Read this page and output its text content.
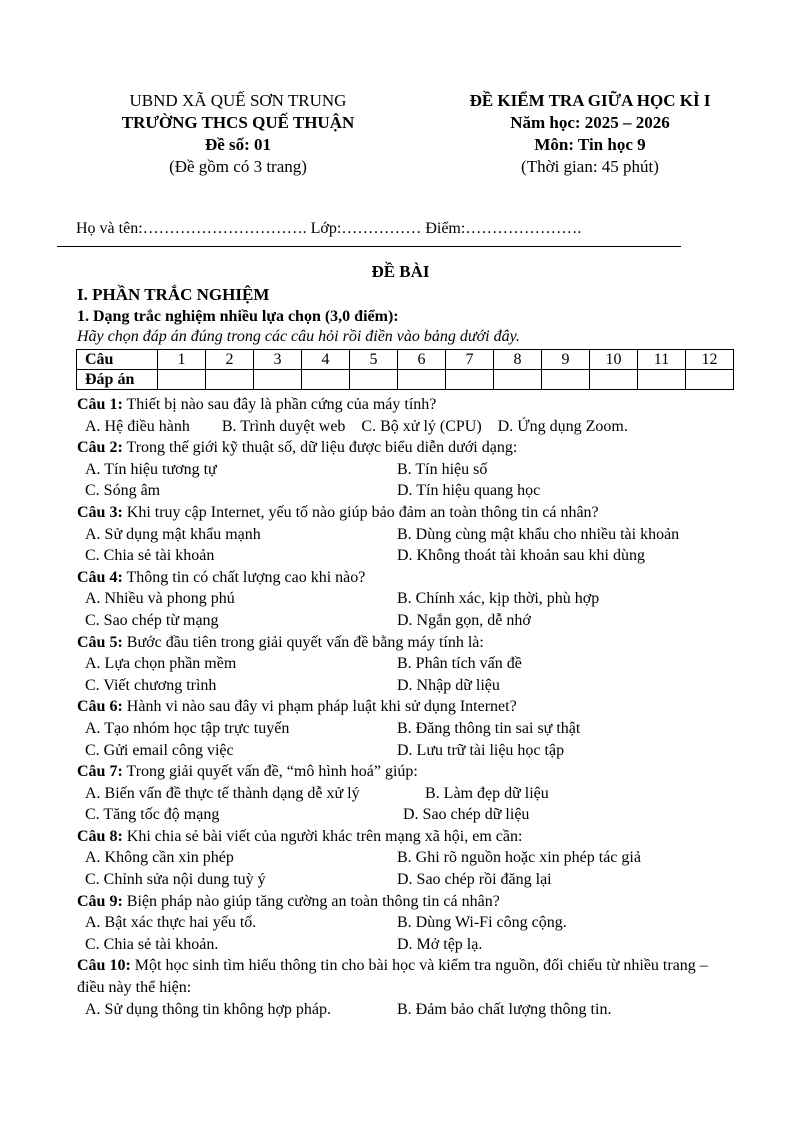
UBND XÃ QUẾ SƠN TRUNG
TRƯỜNG THCS QUẾ THUẬN
Đề số: 01
(Đề gồm có 3 trang)
ĐỀ KIỂM TRA GIỮA HỌC KÌ I
Năm học: 2025 – 2026
Môn: Tin học 9
(Thời gian: 45 phút)
Họ và tên:…………………………. Lớp:…………… Điểm:………………….
ĐỀ BÀI
I. PHẦN TRẮC NGHIỆM
1. Dạng trắc nghiệm nhiều lựa chọn (3,0 điểm):
Hãy chọn đáp án đúng trong các câu hỏi rồi điền vào bảng dưới đây.
Câu	1	2	3	4	5	6	7	8	9	10	11	12
Đáp án												
Câu 1: Thiết bị nào sau đây là phần cứng của máy tính?
A. Hệ điều hành        B. Trình duyệt web    C. Bộ xử lý (CPU)    D. Ứng dụng Zoom.
Câu 2: Trong thế giới kỹ thuật số, dữ liệu được biểu diễn dưới dạng:
A. Tín hiệu tương tự	B. Tín hiệu số
C. Sóng âm	D. Tín hiệu quang học
Câu 3: Khi truy cập Internet, yếu tố nào giúp bảo đảm an toàn thông tin cá nhân?
A. Sử dụng mật khẩu mạnh	B. Dùng cùng mật khẩu cho nhiều tài khoản
C. Chia sẻ tài khoản	D. Không thoát tài khoản sau khi dùng
Câu 4: Thông tin có chất lượng cao khi nào?
A. Nhiều và phong phú	B. Chính xác, kịp thời, phù hợp
C. Sao chép từ mạng	D. Ngắn gọn, dễ nhớ
Câu 5: Bước đầu tiên trong giải quyết vấn đề bằng máy tính là:
A. Lựa chọn phần mềm	B. Phân tích vấn đề
C. Viết chương trình	D. Nhập dữ liệu
Câu 6: Hành vi nào sau đây vi phạm pháp luật khi sử dụng Internet?
A. Tạo nhóm học tập trực tuyến	B. Đăng thông tin sai sự thật
C. Gửi email công việc	D. Lưu trữ tài liệu học tập
Câu 7: Trong giải quyết vấn đề, “mô hình hoá” giúp:
A. Biến vấn đề thực tế thành dạng dễ xử lý	B. Làm đẹp dữ liệu
C. Tăng tốc độ mạng	D. Sao chép dữ liệu
Câu 8: Khi chia sẻ bài viết của người khác trên mạng xã hội, em cần:
A. Không cần xin phép	B. Ghi rõ nguồn hoặc xin phép tác giả
C. Chỉnh sửa nội dung tuỳ ý	D. Sao chép rồi đăng lại
Câu 9: Biện pháp nào giúp tăng cường an toàn thông tin cá nhân?
A. Bật xác thực hai yếu tố.	B. Dùng Wi-Fi công cộng.
C. Chia sẻ tài khoản.	D. Mở tệp lạ.
Câu 10: Một học sinh tìm hiểu thông tin cho bài học và kiểm tra nguồn, đối chiếu từ nhiều trang – điều này thể hiện:
A. Sử dụng thông tin không hợp pháp.	B. Đảm bảo chất lượng thông tin.
